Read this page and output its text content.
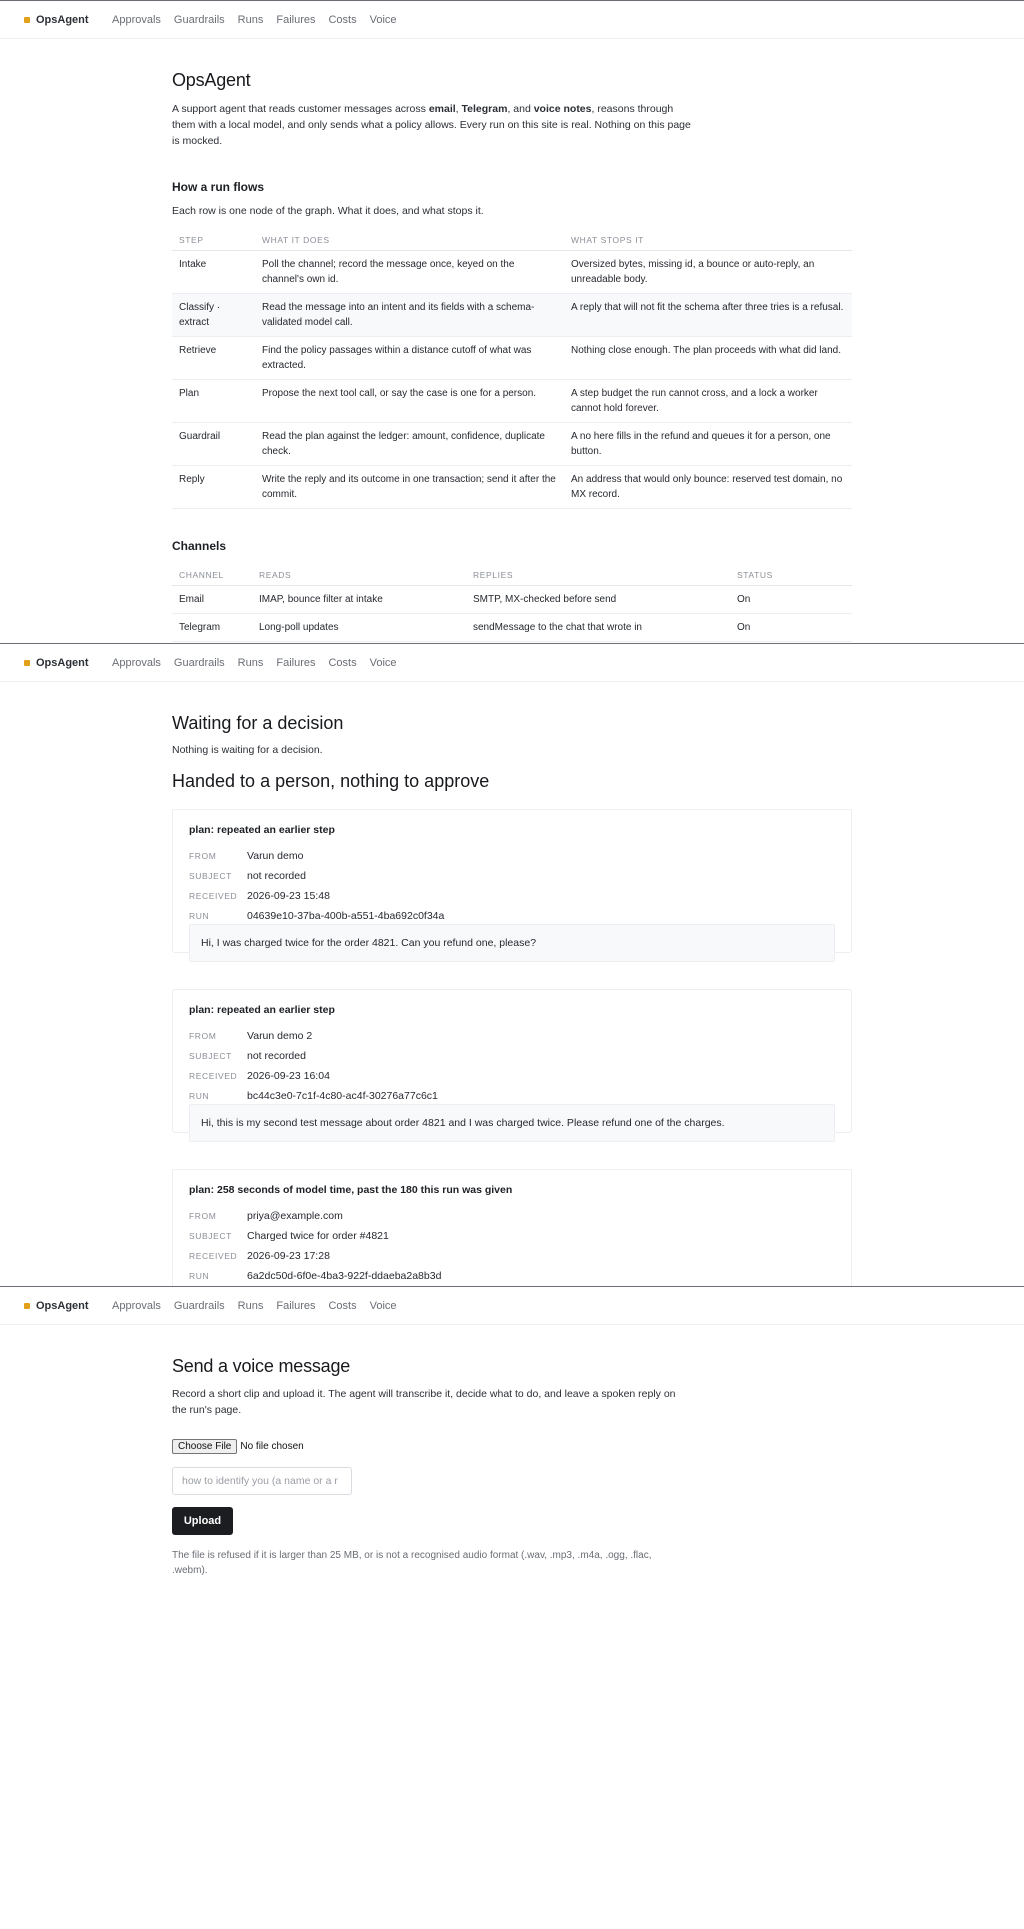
OpsAgent Approvals Guardrails Runs Failures Costs Voice
OpsAgent

A support agent that reads customer messages across email, Telegram, and voice notes, reasons through them with a local model, and only sends what a policy allows. Every run on this site is real. Nothing on this page is mocked.

How a run flows

Each row is one node of the graph. What it does, and what stops it.

STEP	WHAT IT DOES	WHAT STOPS IT
Intake	Poll the channel; record the message once, keyed on the channel's own id.	Oversized bytes, missing id, a bounce or auto-reply, an unreadable body.
Classify · extract	Read the message into an intent and its fields with a schema-validated model call.	A reply that will not fit the schema after three tries is a refusal.
Retrieve	Find the policy passages within a distance cutoff of what was extracted.	Nothing close enough. The plan proceeds with what did land.
Plan	Propose the next tool call, or say the case is one for a person.	A step budget the run cannot cross, and a lock a worker cannot hold forever.
Guardrail	Read the plan against the ledger: amount, confidence, duplicate check.	A no here fills in the refund and queues it for a person, one button.
Reply	Write the reply and its outcome in one transaction; send it after the commit.	An address that would only bounce: reserved test domain, no MX record.
Channels
CHANNEL	READS	REPLIES	STATUS
Email	IMAP, bounce filter at intake	SMTP, MX-checked before send	On
Telegram	Long-poll updates	sendMessage to the chat that wrote in	On
OpsAgent Approvals Guardrails Runs Failures Costs Voice
Waiting for a decision

Nothing is waiting for a decision.

Handed to a person, nothing to approve
plan: repeated an earlier step
FROM	Varun demo
SUBJECT not recorded
RECEIVED 2026-09-23 15:48
RUN	04639e10-37ba-400b-a551-4ba692c0f34a
Hi, I was charged twice for the order 4821. Can you refund one, please?
plan: repeated an earlier step
FROM	Varun demo 2
SUBJECT not recorded
RECEIVED 2026-09-23 16:04
RUN	bc44c3e0-7c1f-4c80-ac4f-30276a77c6c1
Hi, this is my second test message about order 4821 and I was charged twice. Please refund one of the charges.
plan: 258 seconds of model time, past the 180 this run was given
FROM	priya@example.com
SUBJECT Charged twice for order #4821
RECEIVED 2026-09-23 17:28
RUN	6a2dc50d-6f0e-4ba3-922f-ddaeba2a8b3d
OpsAgent Approvals Guardrails Runs Failures Costs Voice
Send a voice message

Record a short clip and upload it. The agent will transcribe it, decide what to do, and leave a spoken reply on the run's page.

Choose File No file chosen
how to identify you (a name or a r
Upload

The file is refused if it is larger than 25 MB, or is not a recognised audio format (.wav, .mp3, .m4a, .ogg, .flac, .webm).
